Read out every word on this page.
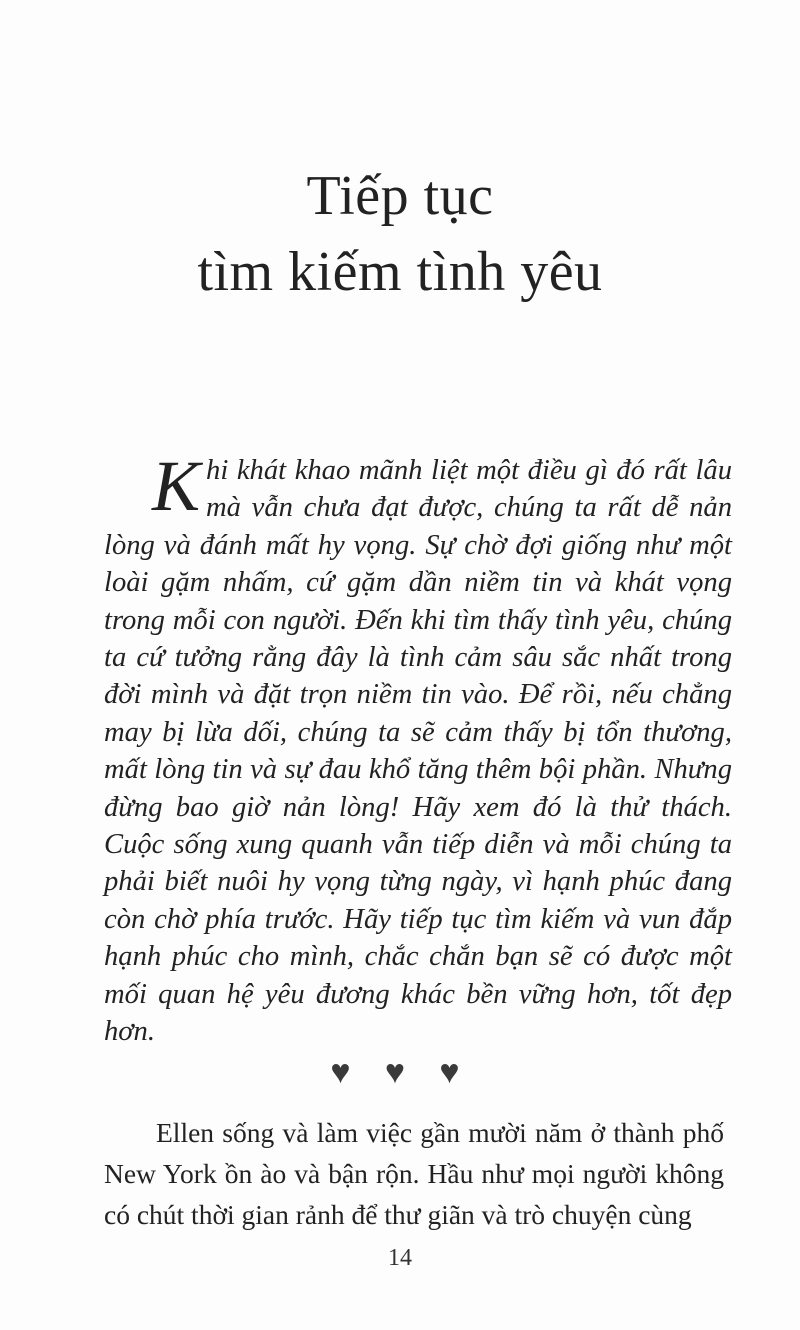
Tiếp tục
tìm kiếm tình yêu

Khi khát khao mãnh liệt một điều gì đó rất lâu mà vẫn chưa đạt được, chúng ta rất dễ nản lòng và đánh mất hy vọng. Sự chờ đợi giống như một loài gặm nhấm, cứ gặm dần niềm tin và khát vọng trong mỗi con người. Đến khi tìm thấy tình yêu, chúng ta cứ tưởng rằng đây là tình cảm sâu sắc nhất trong đời mình và đặt trọn niềm tin vào. Để rồi, nếu chẳng may bị lừa dối, chúng ta sẽ cảm thấy bị tổn thương, mất lòng tin và sự đau khổ tăng thêm bội phần. Nhưng đừng bao giờ nản lòng! Hãy xem đó là thử thách. Cuộc sống xung quanh vẫn tiếp diễn và mỗi chúng ta phải biết nuôi hy vọng từng ngày, vì hạnh phúc đang còn chờ phía trước. Hãy tiếp tục tìm kiếm và vun đắp hạnh phúc cho mình, chắc chắn bạn sẽ có được một mối quan hệ yêu đương khác bền vững hơn, tốt đẹp hơn.

♥ ♥ ♥

Ellen sống và làm việc gần mười năm ở thành phố New York ồn ào và bận rộn. Hầu như mọi người không có chút thời gian rảnh để thư giãn và trò chuyện cùng

14
